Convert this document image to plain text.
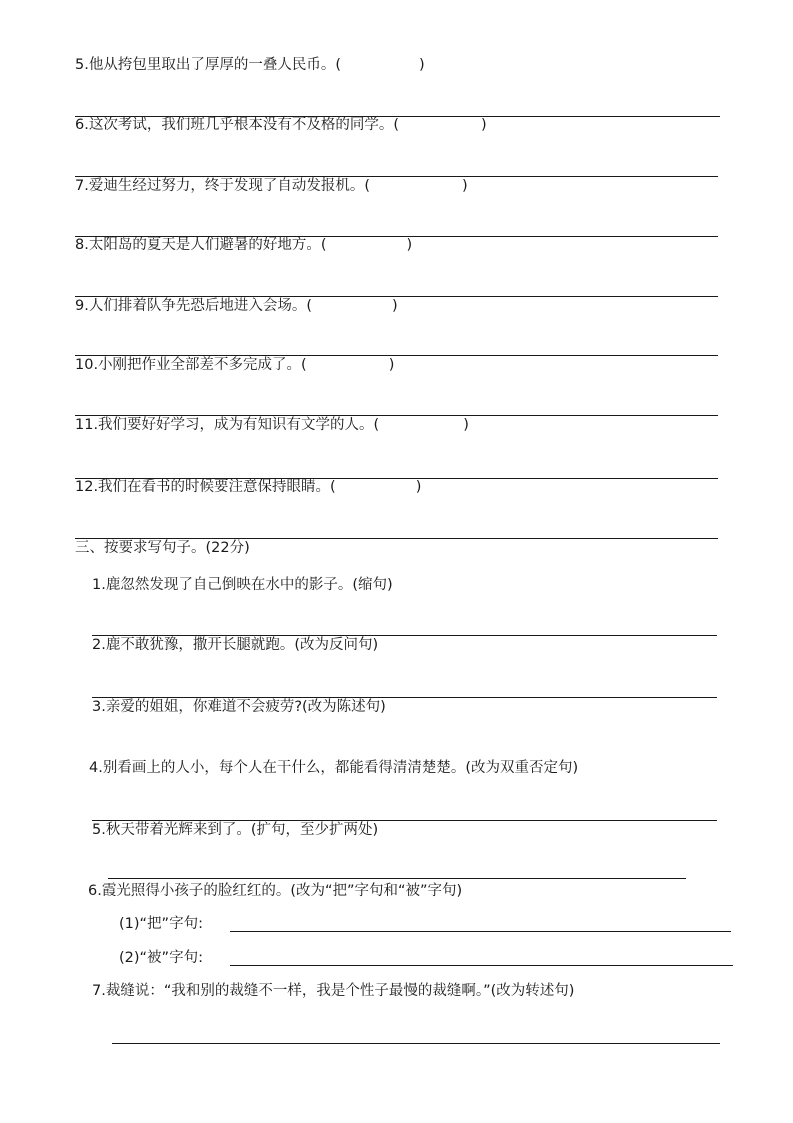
5.他从挎包里取出了厚厚的一叠人民币。(	)
6.这次考试，我们班几乎根本没有不及格的同学。(	)
7.爱迪生经过努力，终于发现了自动发报机。(	)
8.太阳岛的夏天是人们避暑的好地方。(	)
9.人们排着队争先恐后地进入会场。(	)
10.小刚把作业全部差不多完成了。(	)
11.我们要好好学习，成为有知识有文学的人。(	)
12.我们在看书的时候要注意保持眼睛。(	)
三、按要求写句子。(22分)
1.鹿忽然发现了自己倒映在水中的影子。(缩句)
2.鹿不敢犹豫，撒开长腿就跑。(改为反问句)
3.亲爱的姐姐，你难道不会疲劳?(改为陈述句)
4.别看画上的人小，每个人在干什么，都能看得清清楚楚。(改为双重否定句)
5.秋天带着光辉来到了。(扩句，至少扩两处)
6.霞光照得小孩子的脸红红的。(改为“把”字句和“被”字句)
(1)“把”字句:
(2)“被”字句:
7.裁缝说：“我和别的裁缝不一样，我是个性子最慢的裁缝啊。”(改为转述句)
